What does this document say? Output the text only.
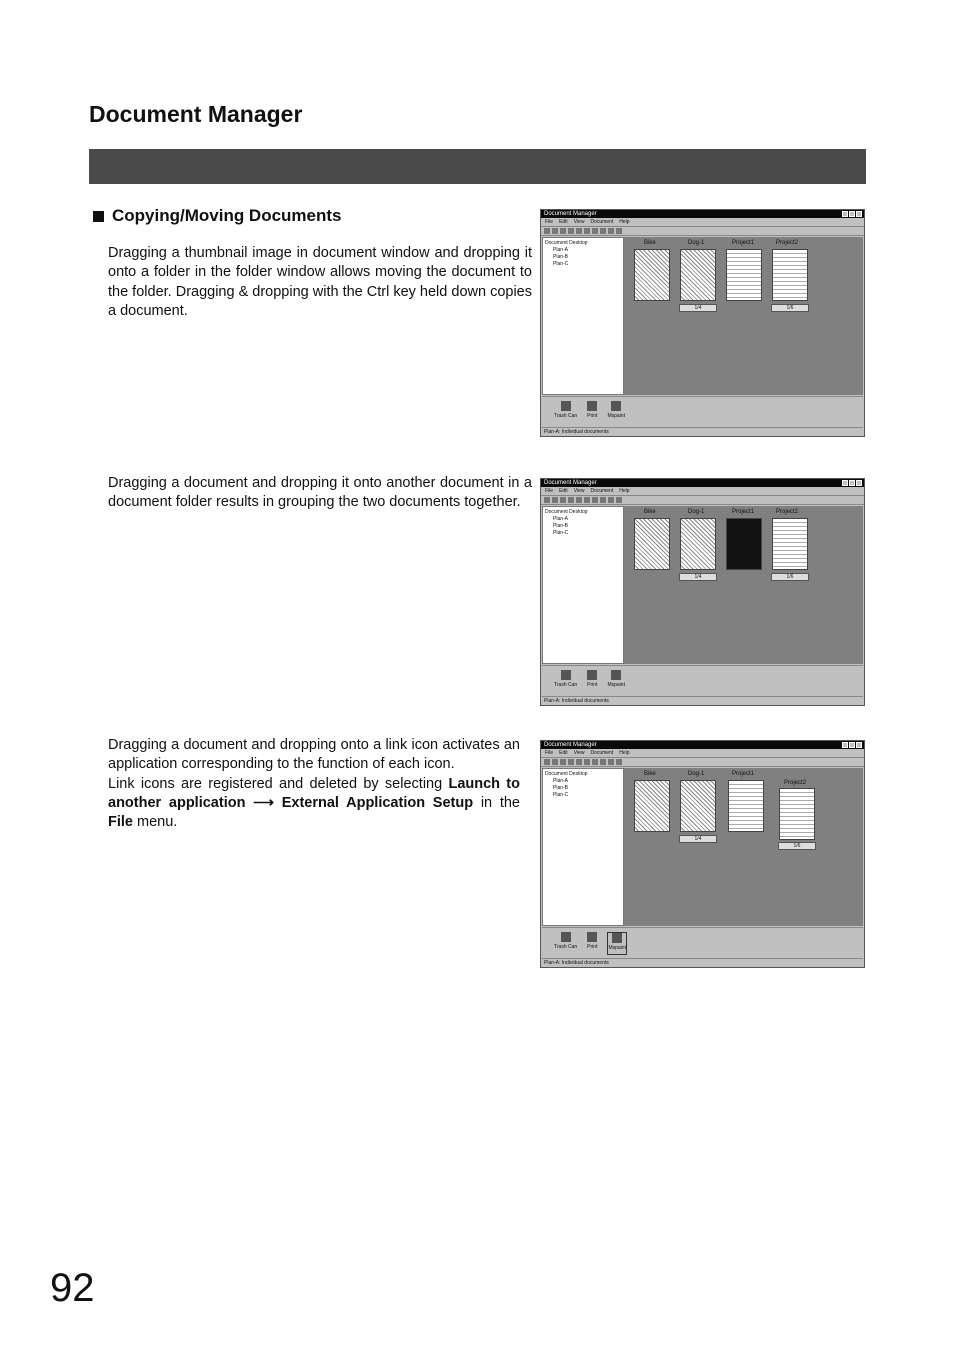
Document Manager
Copying/Moving Documents

Dragging a thumbnail image in document window and dropping it onto a folder in the folder window allows moving the document to the folder. Dragging & dropping with the Ctrl key held down copies a document.

Dragging a document and dropping it onto another document in a document folder results in grouping the two documents together.

Dragging a document and dropping onto a link icon activates an application corresponding to the function of each icon.

Link icons are registered and deleted by selecting Launch to another application ⟶ External Application Setup in the File menu.

Document Manager
File Edit View Document Help
Document Desktop
Plan-A
Plan-B
Plan-C
Bike	Dog-1	Project1	Project2
1/4	1/6
Trash Can Print Mspaint
Plan-A: Individual documents
Document Manager
File Edit View Document Help
Document Desktop
Plan-A
Plan-B
Plan-C
Bike	Dog-1	Project1	Project2
1/4	1/6
Trash Can Print Mspaint
Plan-A: Individual documents
Document Manager
File Edit View Document Help
Document Desktop
Plan-A
Plan-B
Plan-C
Bike	Dog-1	Project1
Project2
1/4
1/6
Trash Can Print Mspaint
Plan-A: Individual documents
92
